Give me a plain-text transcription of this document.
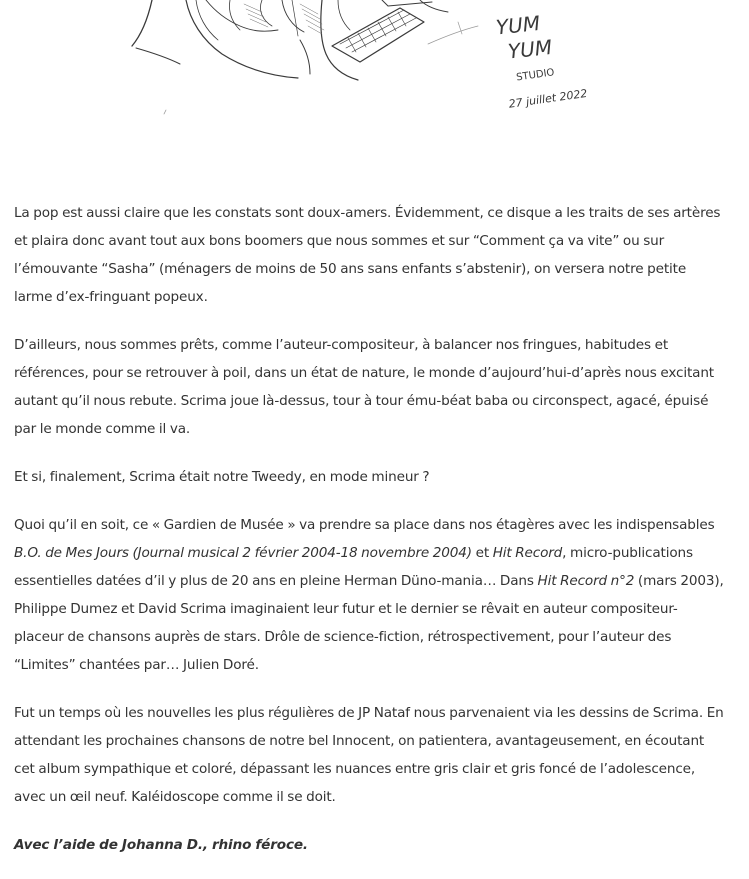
YUM
YUM
STUDIO
27 juillet 2022

La pop est aussi claire que les constats sont doux-amers. Évidemment, ce disque a les traits de ses artères et plaira donc avant tout aux bons boomers que nous sommes et sur “Comment ça va vite” ou sur l’émouvante “Sasha” (ménagers de moins de 50 ans sans enfants s’abstenir), on versera notre petite larme d’ex-fringuant popeux.

D’ailleurs, nous sommes prêts, comme l’auteur-compositeur, à balancer nos fringues, habitudes et références, pour se retrouver à poil, dans un état de nature, le monde d’aujourd’hui-d’après nous excitant autant qu’il nous rebute. Scrima joue là-dessus, tour à tour ému-béat baba ou circonspect, agacé, épuisé par le monde comme il va.

Et si, finalement, Scrima était notre Tweedy, en mode mineur ?

Quoi qu’il en soit, ce « Gardien de Musée » va prendre sa place dans nos étagères avec les indispensables B.O. de Mes Jours (Journal musical 2 février 2004-18 novembre 2004) et Hit Record, micro-publications essentielles datées d’il y plus de 20 ans en pleine Herman Düno-mania… Dans Hit Record n°2 (mars 2003), Philippe Dumez et David Scrima imaginaient leur futur et le dernier se rêvait en auteur compositeur-placeur de chansons auprès de stars. Drôle de science-fiction, rétrospectivement, pour l’auteur des “Limites” chantées par… Julien Doré.

Fut un temps où les nouvelles les plus régulières de JP Nataf nous parvenaient via les dessins de Scrima. En attendant les prochaines chansons de notre bel Innocent, on patientera, avantageusement, en écoutant cet album sympathique et coloré, dépassant les nuances entre gris clair et gris foncé de l’adolescence, avec un œil neuf. Kaléidoscope comme il se doit.

Avec l’aide de Johanna D., rhino féroce.
